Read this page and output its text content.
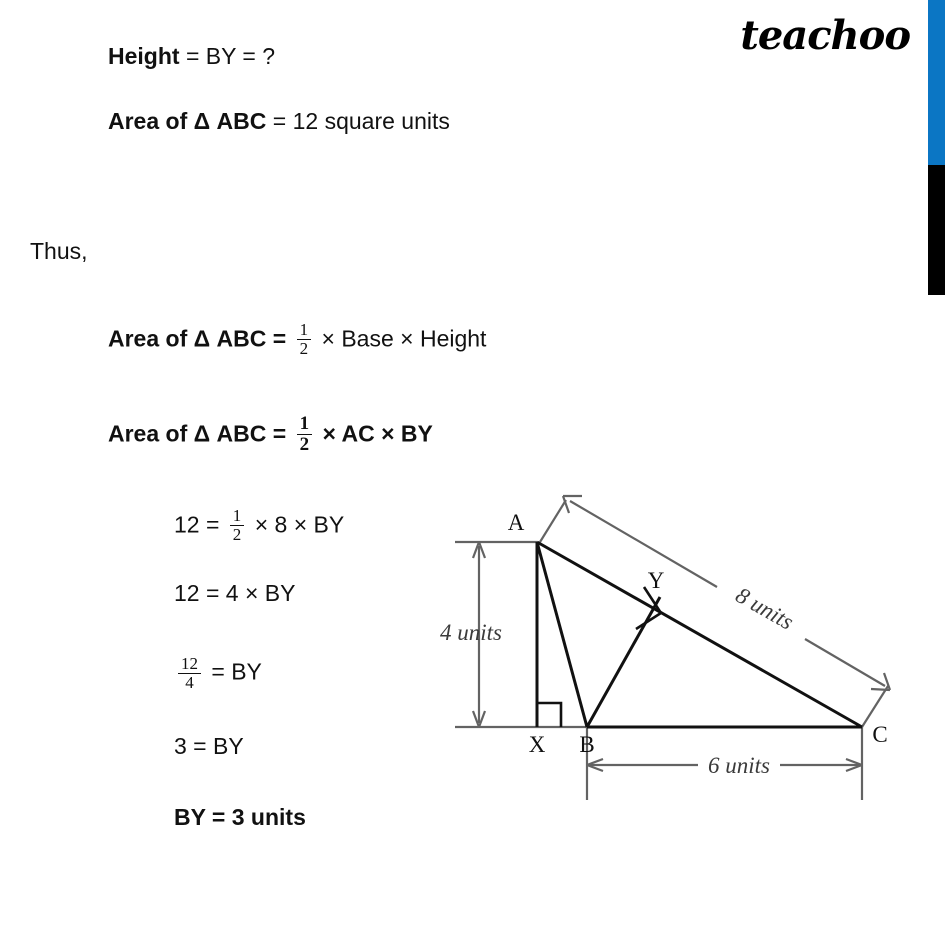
teachoo
Height = BY = ?
Area of Δ ABC = 12 square units
Thus,
Area of Δ ABC = $\frac{1}{2}$ × Base × Height
Area of Δ ABC = $\frac{1}{2}$ × AC × BY
$12 = \frac{1}{2} \times 8$ × BY
12 = 4 × BY
$\frac{12}{4}$ = BY
3 = BY
BY = 3 units
A
B	C
X
Y
4 units
6 units
8 units
